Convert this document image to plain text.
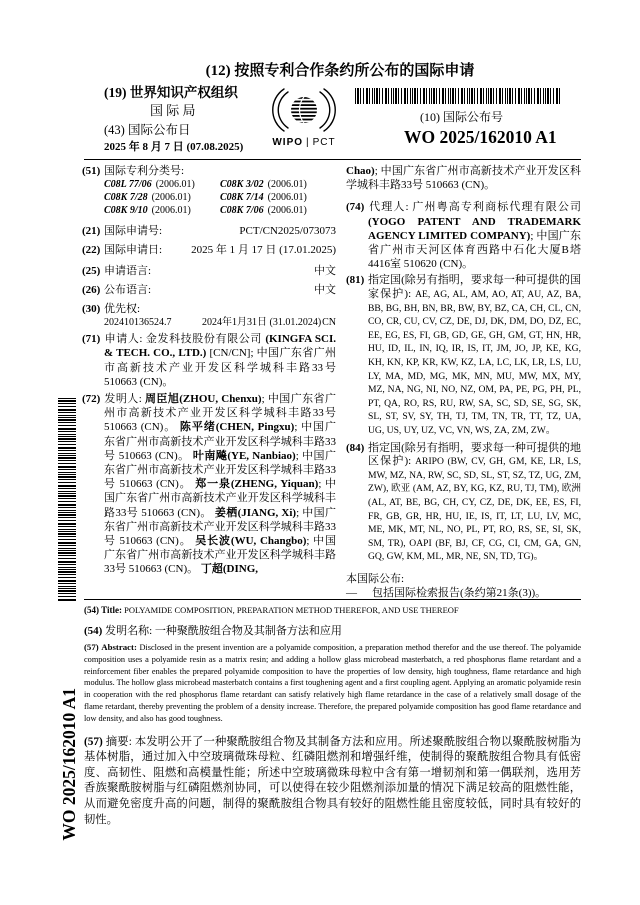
(12) 按照专利合作条约所公布的国际申请
(19) 世界知识产权组织
国 际 局
(43) 国际公布日
2025 年 8 月 7 日 (07.08.2025)	WIPO | PCT
(10) 国际公布号
WO 2025/162010 A1
(51) 国际专利分类号:
C08L 77/06 (2006.01)	C08K 3/02 (2006.01)
C08K 7/28 (2006.01)	C08K 7/14 (2006.01)
C08K 9/10 (2006.01)	C08K 7/06 (2006.01)
(21) 国际申请号:	PCT/CN2025/073073
(22) 国际申请日:	2025 年 1 月 17 日 (17.01.2025)
(25) 申请语言:	中文
(26) 公布语言:	中文
(30) 优先权:
202410136524.7	2024年1月31日 (31.01.2024) CN

(71) 申请人: 金发科技股份有限公司 (KINGFA SCI. & TECH. CO., LTD.) [CN/CN]; 中国广东省广州市高新技术产业开发区科学城科丰路33号 510663 (CN)。

(72) 发明人: 周臣旭(ZHOU, Chenxu); 中国广东省广州市高新技术产业开发区科学城科丰路33号 510663 (CN)。 陈平绪(CHEN, Pingxu); 中国广东省广州市高新技术产业开发区科学城科丰路33号 510663 (CN)。 叶南飚(YE, Nanbiao); 中国广东省广州市高新技术产业开发区科学城科丰路33号 510663 (CN)。 郑一泉(ZHENG, Yiquan); 中国广东省广州市高新技术产业开发区科学城科丰路33号 510663 (CN)。 姜栖(JIANG, Xi); 中国广东省广州市高新技术产业开发区科学城科丰路33号 510663 (CN)。 吴长波(WU, Changbo); 中国广东省广州市高新技术产业开发区科学城科丰路33号 510663 (CN)。 丁超(DING,

Chao); 中国广东省广州市高新技术产业开发区科学城科丰路33号 510663 (CN)。

(74) 代理人: 广州粤高专利商标代理有限公司(YOGO PATENT AND TRADEMARK AGENCY LIMITED COMPANY); 中国广东省广州市天河区体育西路中石化大厦B塔4416室 510620 (CN)。

(81) 指定国(除另有指明，要求每一种可提供的国家保护): AE, AG, AL, AM, AO, AT, AU, AZ, BA, BB, BG, BH, BN, BR, BW, BY, BZ, CA, CH, CL, CN, CO, CR, CU, CV, CZ, DE, DJ, DK, DM, DO, DZ, EC, EE, EG, ES, FI, GB, GD, GE, GH, GM, GT, HN, HR, HU, ID, IL, IN, IQ, IR, IS, IT, JM, JO, JP, KE, KG, KH, KN, KP, KR, KW, KZ, LA, LC, LK, LR, LS, LU, LY, MA, MD, MG, MK, MN, MU, MW, MX, MY, MZ, NA, NG, NI, NO, NZ, OM, PA, PE, PG, PH, PL, PT, QA, RO, RS, RU, RW, SA, SC, SD, SE, SG, SK, SL, ST, SV, SY, TH, TJ, TM, TN, TR, TT, TZ, UA, UG, US, UY, UZ, VC, VN, WS, ZA, ZM, ZW。

(84) 指定国(除另有指明，要求每一种可提供的地区保护): ARIPO (BW, CV, GH, GM, KE, LR, LS, MW, MZ, NA, RW, SC, SD, SL, ST, SZ, TZ, UG, ZM, ZW), 欧亚 (AM, AZ, BY, KG, KZ, RU, TJ, TM), 欧洲 (AL, AT, BE, BG, CH, CY, CZ, DE, DK, EE, ES, FI, FR, GB, GR, HR, HU, IE, IS, IT, LT, LU, LV, MC, ME, MK, MT, NL, NO, PL, PT, RO, RS, SE, SI, SK, SM, TR), OAPI (BF, BJ, CF, CG, CI, CM, GA, GN, GQ, GW, KM, ML, MR, NE, SN, TD, TG)。

本国际公布:
—	包括国际检索报告(条约第21条(3))。

(54) Title: POLYAMIDE COMPOSITION, PREPARATION METHOD THEREFOR, AND USE THEREOF

(54) 发明名称: 一种聚酰胺组合物及其制备方法和应用

(57) Abstract: Disclosed in the present invention are a polyamide composition, a preparation method therefor and the use thereof. The polyamide composition uses a polyamide resin as a matrix resin; and adding a hollow glass microbead masterbatch, a red phosphorus flame retardant and a reinforcement fiber enables the prepared polyamide composition to have the properties of low density, high toughness, flame retardance and high modulus. The hollow glass microbead masterbatch contains a first toughening agent and a first coupling agent. Applying an aromatic polyamide resin in cooperation with the red phosphorus flame retardant can satisfy relatively high flame retardance in the case of a relatively small dosage of the flame retardant, thereby preventing the problem of a density increase. Therefore, the prepared polyamide composition has good flame retardance and low density, and also has good toughness.

(57) 摘要: 本发明公开了一种聚酰胺组合物及其制备方法和应用。所述聚酰胺组合物以聚酰胺树脂为基体树脂，通过加入中空玻璃微珠母粒、红磷阻燃剂和增强纤维，使制得的聚酰胺组合物具有低密度、高韧性、阻燃和高模量性能；所述中空玻璃微珠母粒中含有第一增韧剂和第一偶联剂，选用芳香族聚酰胺树脂与红磷阻燃剂协同，可以使得在较少阻燃剂添加量的情况下满足较高的阻燃性能，从而避免密度升高的问题，制得的聚酰胺组合物具有较好的阻燃性能且密度较低，同时具有较好的韧性。

WO 2025/162010 A1
